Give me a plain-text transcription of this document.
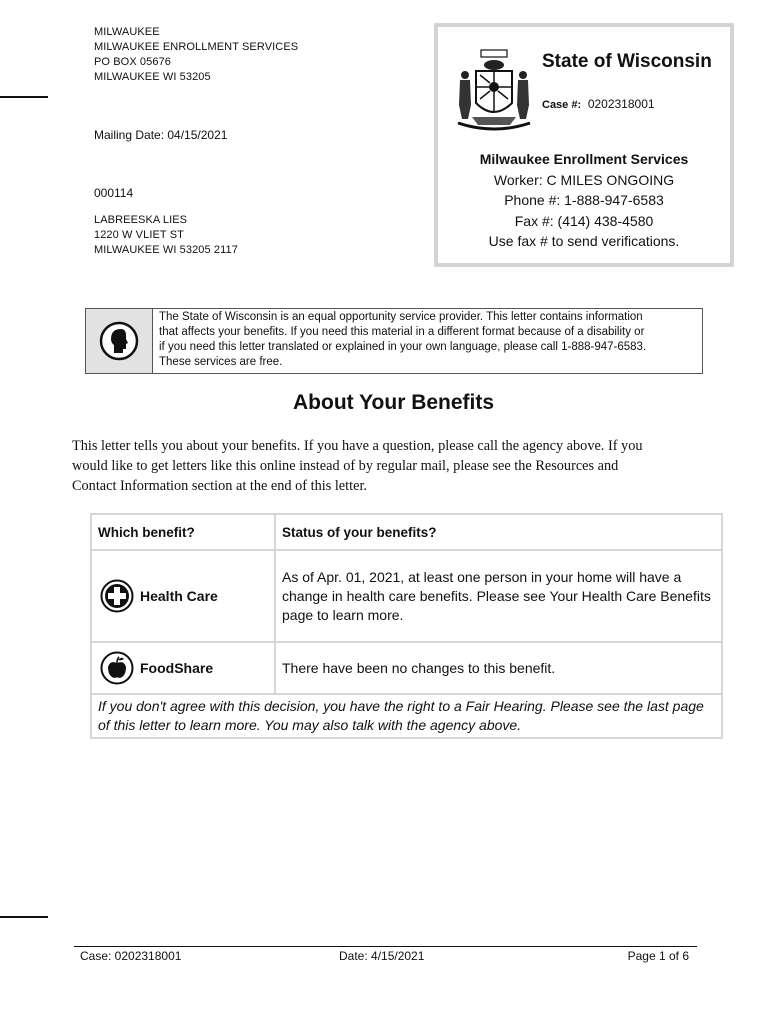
MILWAUKEE
MILWAUKEE ENROLLMENT SERVICES
PO BOX 05676
MILWAUKEE WI 53205
Mailing Date: 04/15/2021
000114
LABREESKA LIES
1220 W VLIET ST
MILWAUKEE WI 53205 2117
State of Wisconsin
Case #: 0202318001
Milwaukee Enrollment Services
Worker: C MILES ONGOING
Phone #: 1-888-947-6583
Fax #: (414) 438-4580
Use fax # to send verifications.
The State of Wisconsin is an equal opportunity service provider. This letter contains information
that affects your benefits. If you need this material in a different format because of a disability or
if you need this letter translated or explained in your own language, please call 1-888-947-6583.
These services are free.
About Your Benefits
This letter tells you about your benefits. If you have a question, please call the agency above. If you
would like to get letters like this online instead of by regular mail, please see the Resources and
Contact Information section at the end of this letter.
Which benefit?	Status of your benefits?

Health Care	As of Apr. 01, 2021, at least one person in your home will have a change in health care benefits. Please see Your Health Care Benefits page to learn more.

FoodShare	There have been no changes to this benefit.
If you don't agree with this decision, you have the right to a Fair Hearing. Please see the last page of this letter to learn more. You may also talk with the agency above.	
Case: 0202318001	Date: 4/15/2021	Page 1 of 6
